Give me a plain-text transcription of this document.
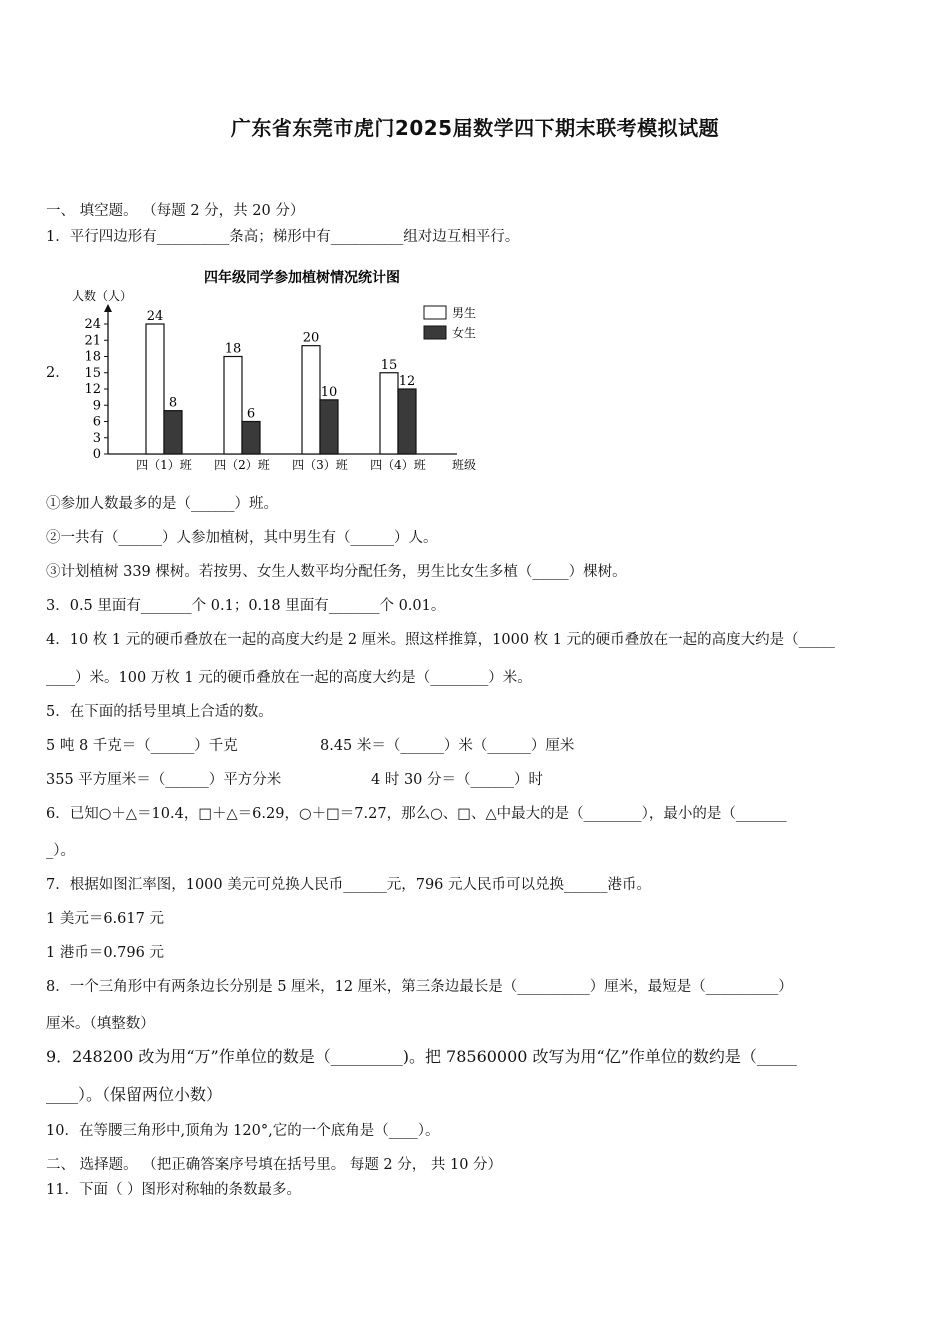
广东省东莞市虎门2025届数学四下期末联考模拟试题
一、 填空题。 （每题 2 分，共 20 分）
1．平行四边形有__________条高；梯形中有__________组对边互相平行。
2．
四年级同学参加植树情况统计图
人数（人）
0
3
6
9
12
15
18
21
24
24
8
18
6
20
10
15
12
四（1）班 四（2）班 四（3）班 四（4）班 班级
男生
女生
①参加人数最多的是（______）班。
②一共有（______）人参加植树，其中男生有（______）人。
③计划植树 339 棵树。若按男、女生人数平均分配任务，男生比女生多植（_____）棵树。
3．0.5 里面有_______个 0.1；0.18 里面有_______个 0.01。
4．10 枚 1 元的硬币叠放在一起的高度大约是 2 厘米。照这样推算，1000 枚 1 元的硬币叠放在一起的高度大约是（_____
____）米。100 万枚 1 元的硬币叠放在一起的高度大约是（________）米。
5．在下面的括号里填上合适的数。
5 吨 8 千克＝（______）千克	8.45 米＝（______）米（______）厘米
355 平方厘米＝（______）平方分米	4 时 30 分＝（______）时
6．已知○＋△＝10.4，□＋△＝6.29，○＋□＝7.27，那么○、□、△中最大的是（________），最小的是（_______
_）。
7．根据如图汇率图，1000 美元可兑换人民币______元，796 元人民币可以兑换______港币。
1 美元＝6.617 元
1 港币＝0.796 元
8．一个三角形中有两条边长分别是 5 厘米，12 厘米，第三条边最长是（__________）厘米，最短是（__________）
厘米。（填整数）
9．248200 改为用“万”作单位的数是（_________)。把 78560000 改写为用“亿”作单位的数约是（_____
____）。（保留两位小数）
10．在等腰三角形中,顶角为 120°,它的一个底角是（____）。
二、 选择题。 （把正确答案序号填在括号里。 每题 2 分， 共 10 分）
11．下面（ ）图形对称轴的条数最多。
